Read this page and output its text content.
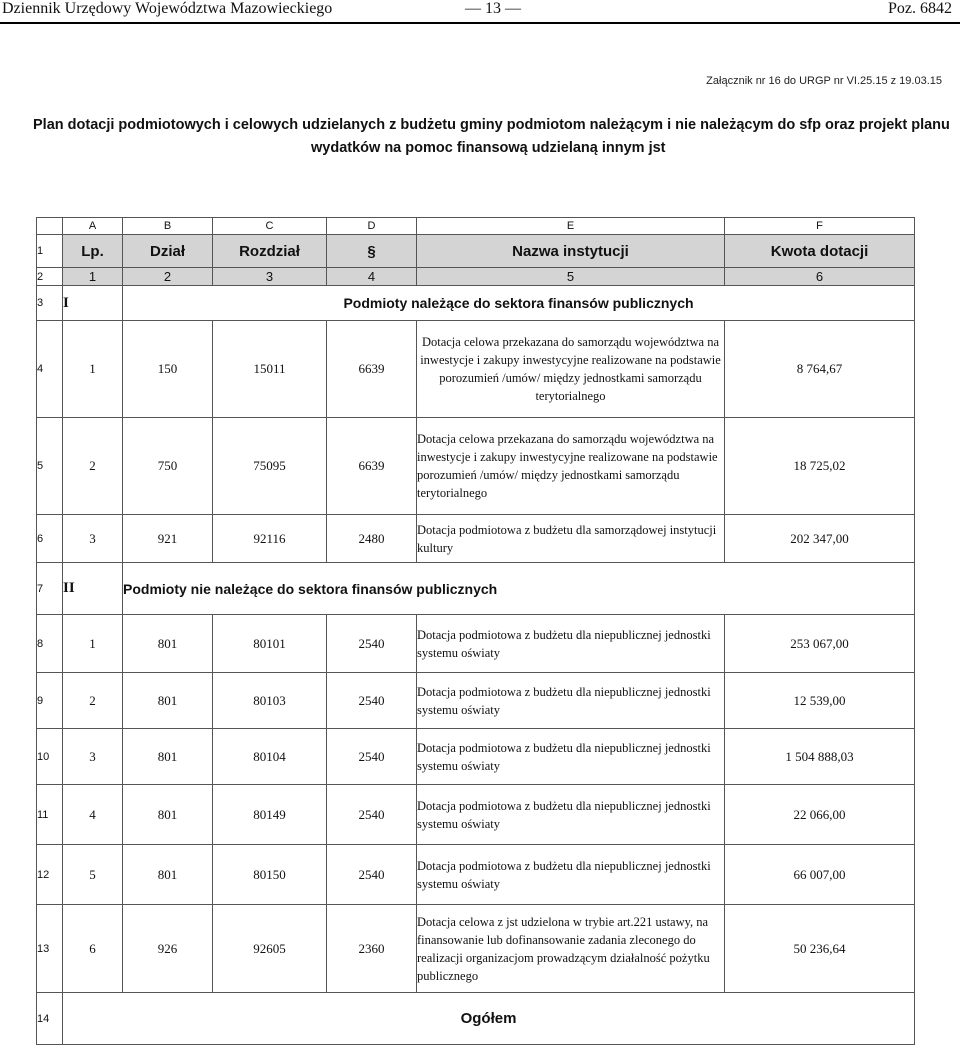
Dziennik Urzędowy Województwa Mazowieckiego	— 13 —	Poz. 6842
Załącznik nr 16 do URGP nr VI.25.15 z 19.03.15
Plan dotacji podmiotowych i celowych udzielanych z budżetu gminy podmiotom należącym i nie należącym do sfp oraz projekt planu
wydatków na pomoc finansową udzielaną innym jst
	A	B	C	D	E	F	
1	Lp.	Dział	Rozdział	§	Nazwa instytucji	Kwota dotacji	
2	1	2	3	4	5	6	
3	I	Podmioty należące do sektora finansów publicznych	
4	1	150	15011	6639	Dotacja celowa przekazana do samorządu województwa na inwestycje i zakupy inwestycyjne realizowane na podstawie porozumień /umów/ między jednostkami samorządu terytorialnego	8 764,67	
5	2	750	75095	6639	Dotacja celowa przekazana do samorządu województwa na inwestycje i zakupy inwestycyjne realizowane na podstawie porozumień /umów/ między jednostkami samorządu terytorialnego	18 725,02	
6	3	921	92116	2480	Dotacja podmiotowa z budżetu dla samorządowej instytucji kultury	202 347,00	
7	II	Podmioty nie należące do sektora finansów publicznych	
8	1	801	80101	2540	Dotacja podmiotowa z budżetu dla niepublicznej jednostki systemu oświaty	253 067,00	
9	2	801	80103	2540	Dotacja podmiotowa z budżetu dla niepublicznej jednostki systemu oświaty	12 539,00	
10	3	801	80104	2540	Dotacja podmiotowa z budżetu dla niepublicznej jednostki systemu oświaty	1 504 888,03	
11	4	801	80149	2540	Dotacja podmiotowa z budżetu dla niepublicznej jednostki systemu oświaty	22 066,00	
12	5	801	80150	2540	Dotacja podmiotowa z budżetu dla niepublicznej jednostki systemu oświaty	66 007,00	
13	6	926	92605	2360	Dotacja celowa z jst udzielona w trybie art.221 ustawy, na finansowanie lub dofinansowanie zadania zleconego do realizacji organizacjom prowadzącym działalność pożytku publicznego	50 236,64	
14	Ogółem	
